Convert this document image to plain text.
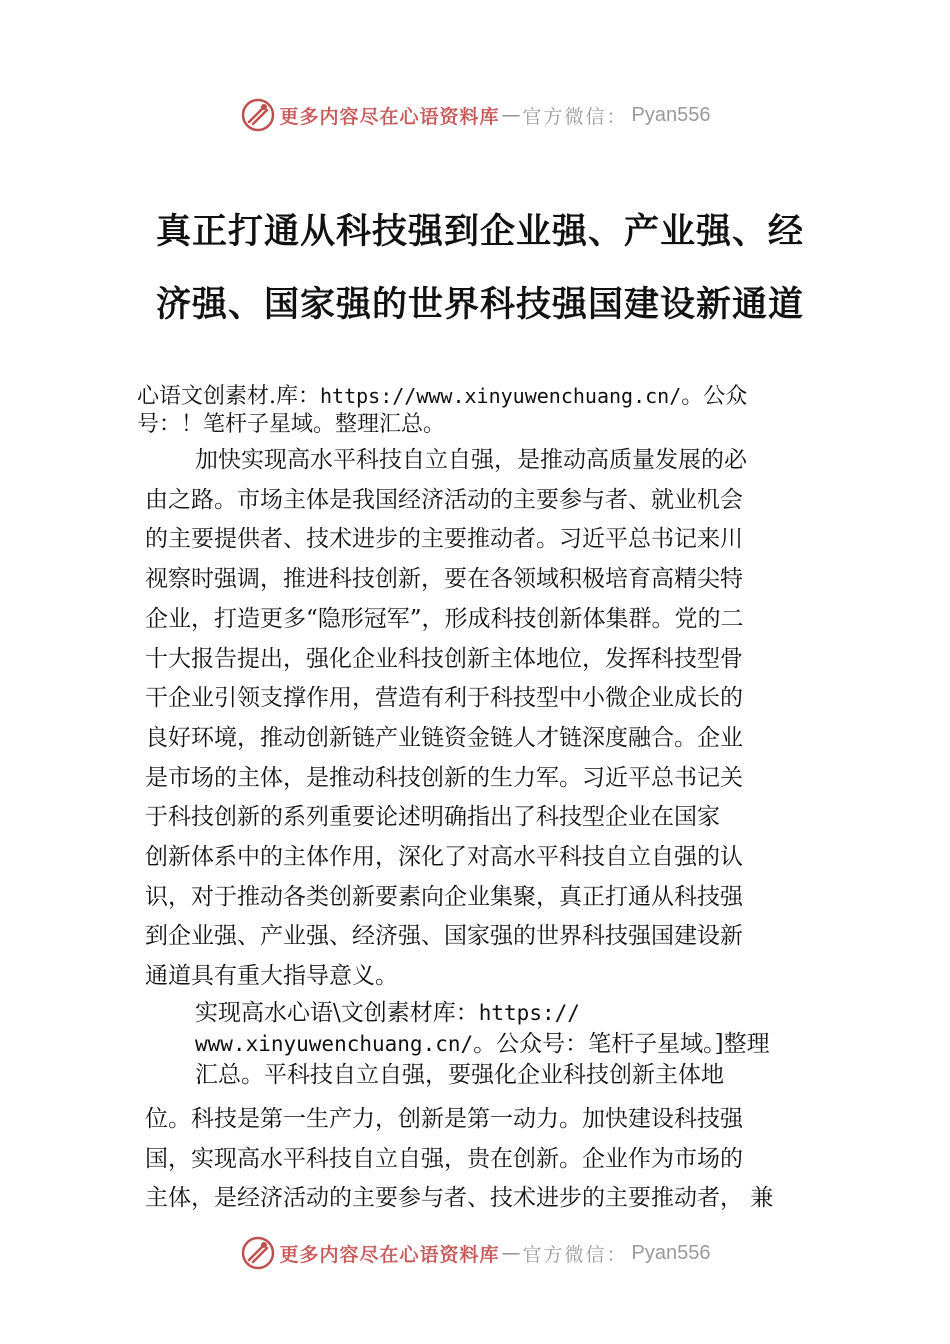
更多内容尽在心语资料库 — 官方微信： Pyan556
真正打通从科技强到企业强、产业强、经
济强、国家强的世界科技强国建设新通道
心语文创素材.库：https://www.xinyuwenchuang.cn/。公众
号：！笔杆子星域。整理汇总。
加快实现高水平科技自立自强，是推动高质量发展的必
由之路。市场主体是我国经济活动的主要参与者、就业机会
的主要提供者、技术进步的主要推动者。习近平总书记来川
视察时强调，推进科技创新，要在各领域积极培育高精尖特
企业，打造更多“隐形冠军”，形成科技创新体集群。党的二
十大报告提出，强化企业科技创新主体地位，发挥科技型骨
干企业引领支撑作用，营造有利于科技型中小微企业成长的
良好环境，推动创新链产业链资金链人才链深度融合。企业
是市场的主体，是推动科技创新的生力军。习近平总书记关
于科技创新的系列重要论述明确指出了科技型企业在国家
创新体系中的主体作用，深化了对高水平科技自立自强的认
识，对于推动各类创新要素向企业集聚，真正打通从科技强
到企业强、产业强、经济强、国家强的世界科技强国建设新
通道具有重大指导意义。
实现高水心语\文创素材库：https://
www.xinyuwenchuang.cn/。公众号：笔杆子星域。]整理
汇总。平科技自立自强，要强化企业科技创新主体地
位。科技是第一生产力，创新是第一动力。加快建设科技强
国，实现高水平科技自立自强，贵在创新。企业作为市场的
主体，是经济活动的主要参与者、技术进步的主要推动者， 兼
更多内容尽在心语资料库 — 官方微信： Pyan556
